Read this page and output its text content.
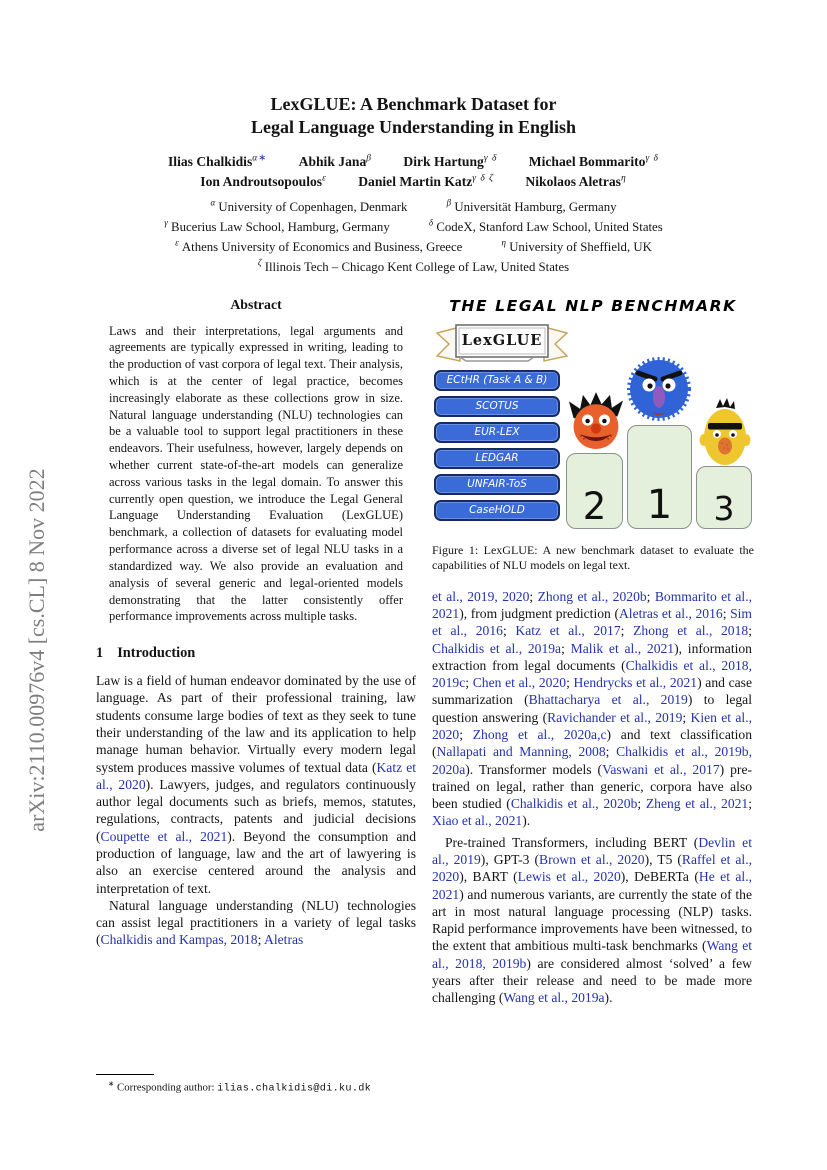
arXiv:2110.00976v4 [cs.CL] 8 Nov 2022
LexGLUE: A Benchmark Dataset for
Legal Language Understanding in English
Ilias Chalkidis$^{\alpha∗}$ Abhik Jana$^\beta$ Dirk Hartung$^{\gamma \delta}$ Michael Bommarito$^{\gamma \delta}$
Ion Androutsopoulos$^\varepsilon$ Daniel Martin Katz$^{\gamma \delta \zeta}$ Nikolaos Aletras$^\eta$
$^\alpha$ University of Copenhagen, Denmark	$^\beta$ Universität Hamburg, Germany
$^\gamma$ Bucerius Law School, Hamburg, Germany	$^\delta$ CodeX, Stanford Law School, United States
$^\varepsilon$ Athens University of Economics and Business, Greece	$^\eta$ University of Sheffield, UK
$^\zeta$ Illinois Tech – Chicago Kent College of Law, United States
Abstract
Laws and their interpretations, legal arguments and agreements are typically expressed in writing, leading to the production of vast corpora of legal text. Their analysis, which is at the center of legal practice, becomes increasingly elaborate as these collections grow in size. Natural language understanding (NLU) technologies can be a valuable tool to support legal practitioners in these endeavors. Their usefulness, however, largely depends on whether current state-of-the-art models can generalize across various tasks in the legal domain. To answer this currently open question, we introduce the Legal General Language Understanding Evaluation (LexGLUE) benchmark, a collection of datasets for evaluating model performance across a diverse set of legal NLU tasks in a standardized way. We also provide an evaluation and analysis of several generic and legal-oriented models demonstrating that the latter consistently offer performance improvements across multiple tasks.
1 Introduction

Law is a field of human endeavor dominated by the use of language. As part of their professional training, law students consume large bodies of text as they seek to tune their understanding of the law and its application to help manage human behavior. Virtually every modern legal system produces massive volumes of textual data (Katz et al., 2020). Lawyers, judges, and regulators continuously author legal documents such as briefs, memos, statutes, regulations, contracts, patents and judicial decisions (Coupette et al., 2021). Beyond the consumption and production of language, law and the art of lawyering is also an exercise centered around the analysis and interpretation of text.

Natural language understanding (NLU) technologies can assist legal practitioners in a variety of legal tasks (Chalkidis and Kampas, 2018; Aletras

∗ Corresponding author: ilias.chalkidis@di.ku.dk
THE LEGAL NLP BENCHMARK
LexGLUE
ECtHR (Task A & B)
SCOTUS
EUR-LEX
LEDGAR
UNFAIR-ToS
CaseHOLD	2 1 3
Figure 1: LexGLUE: A new benchmark dataset to evaluate the capabilities of NLU models on legal text.

et al., 2019, 2020; Zhong et al., 2020b; Bommarito et al., 2021), from judgment prediction (Aletras et al., 2016; Sim et al., 2016; Katz et al., 2017; Zhong et al., 2018; Chalkidis et al., 2019a; Malik et al., 2021), information extraction from legal documents (Chalkidis et al., 2018, 2019c; Chen et al., 2020; Hendrycks et al., 2021) and case summarization (Bhattacharya et al., 2019) to legal question answering (Ravichander et al., 2019; Kien et al., 2020; Zhong et al., 2020a,c) and text classification (Nallapati and Manning, 2008; Chalkidis et al., 2019b, 2020a). Transformer models (Vaswani et al., 2017) pre-trained on legal, rather than generic, corpora have also been studied (Chalkidis et al., 2020b; Zheng et al., 2021; Xiao et al., 2021).

Pre-trained Transformers, including BERT (Devlin et al., 2019), GPT-3 (Brown et al., 2020), T5 (Raffel et al., 2020), BART (Lewis et al., 2020), DeBERTa (He et al., 2021) and numerous variants, are currently the state of the art in most natural language processing (NLP) tasks. Rapid performance improvements have been witnessed, to the extent that ambitious multi-task benchmarks (Wang et al., 2018, 2019b) are considered almost ‘solved’ a few years after their release and need to be made more challenging (Wang et al., 2019a).
